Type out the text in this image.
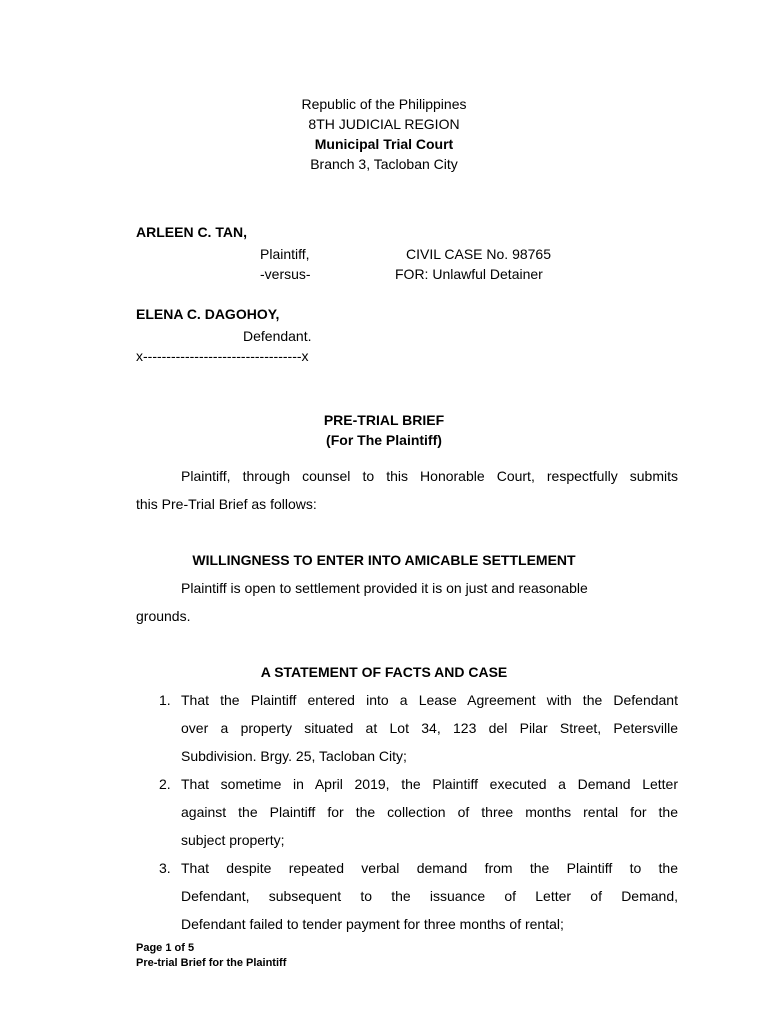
Republic of the Philippines
8TH JUDICIAL REGION
Municipal Trial Court
Branch 3, Tacloban City
ARLEEN C. TAN,
Plaintiff,	CIVIL CASE No. 98765
-versus-	FOR: Unlawful Detainer
ELENA C. DAGOHOY,
Defendant.
x----------------------------------x
PRE-TRIAL BRIEF
(For The Plaintiff)
Plaintiff, through counsel to this Honorable Court, respectfully submits
this Pre-Trial Brief as follows:
WILLINGNESS TO ENTER INTO AMICABLE SETTLEMENT
Plaintiff is open to settlement provided it is on just and reasonable
grounds.
A STATEMENT OF FACTS AND CASE
1. That the Plaintiff entered into a Lease Agreement with the Defendant
over a property situated at Lot 34, 123 del Pilar Street, Petersville
Subdivision. Brgy. 25, Tacloban City;
2. That sometime in April 2019, the Plaintiff executed a Demand Letter
against the Plaintiff for the collection of three months rental for the
subject property;
3. That despite repeated verbal demand from the Plaintiff to the
Defendant, subsequent to the issuance of Letter of Demand,
Defendant failed to tender payment for three months of rental;
Page 1 of 5
Pre-trial Brief for the Plaintiff
